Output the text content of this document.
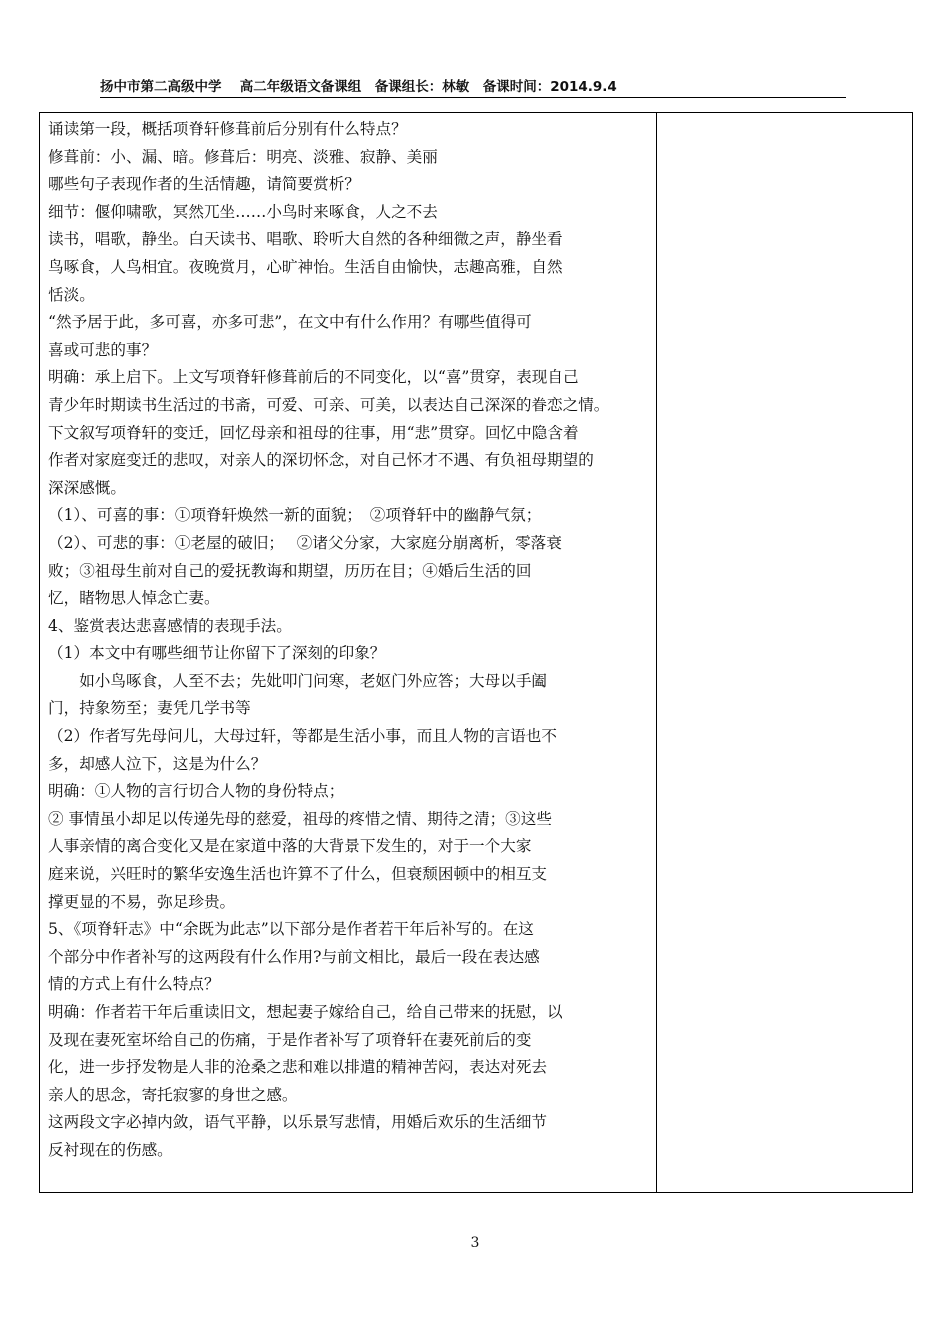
扬中市第二高级中学　 高二年级语文备课组　备课组长：林敏　备课时间：2014.9.4
诵读第一段，概括项脊轩修葺前后分别有什么特点？
修葺前：小、漏、暗。修葺后：明亮、淡雅、寂静、美丽
哪些句子表现作者的生活情趣，请简要赏析？
细节：偃仰啸歌，冥然兀坐……小鸟时来啄食，人之不去
读书，唱歌，静坐。白天读书、唱歌、聆听大自然的各种细微之声，静坐看
鸟啄食，人鸟相宜。夜晚赏月，心旷神怡。生活自由愉快，志趣高雅，自然
恬淡。
“然予居于此，多可喜，亦多可悲”，在文中有什么作用？有哪些值得可
喜或可悲的事？
明确：承上启下。上文写项脊轩修葺前后的不同变化，以“喜”贯穿，表现自己
青少年时期读书生活过的书斋，可爱、可亲、可美，以表达自己深深的眷恋之情。
下文叙写项脊轩的变迁，回忆母亲和祖母的往事，用“悲”贯穿。回忆中隐含着
作者对家庭变迁的悲叹，对亲人的深切怀念，对自己怀才不遇、有负祖母期望的
深深感慨。
（1）、可喜的事：①项脊轩焕然一新的面貌；　②项脊轩中的幽静气氛；
（2）、可悲的事：①老屋的破旧；　 ②诸父分家，大家庭分崩离析，零落衰
败；③祖母生前对自己的爱抚教诲和期望，历历在目；④婚后生活的回
忆，睹物思人悼念亡妻。
4、鉴赏表达悲喜感情的表现手法。
（1）本文中有哪些细节让你留下了深刻的印象？
　　如小鸟啄食，人至不去；先妣叩门问寒，老妪门外应答；大母以手阖
门，持象笏至；妻凭几学书等
（2）作者写先母问儿，大母过轩，等都是生活小事，而且人物的言语也不
多，却感人泣下，这是为什么？
明确：①人物的言行切合人物的身份特点；
② 事情虽小却足以传递先母的慈爱，祖母的疼惜之情、期待之清；③这些
人事亲情的离合变化又是在家道中落的大背景下发生的，对于一个大家
庭来说，兴旺时的繁华安逸生活也许算不了什么，但衰颓困顿中的相互支
撑更显的不易，弥足珍贵。
5、《项脊轩志》中“余既为此志”以下部分是作者若干年后补写的。在这
个部分中作者补写的这两段有什么作用?与前文相比，最后一段在表达感
情的方式上有什么特点？
明确：作者若干年后重读旧文，想起妻子嫁给自己，给自己带来的抚慰，以
及现在妻死室坏给自己的伤痛，于是作者补写了项脊轩在妻死前后的变
化，进一步抒发物是人非的沧桑之悲和难以排遣的精神苦闷，表达对死去
亲人的思念，寄托寂寥的身世之感。
这两段文字必掉内敛，语气平静，以乐景写悲情，用婚后欢乐的生活细节
反衬现在的伤感。
3
